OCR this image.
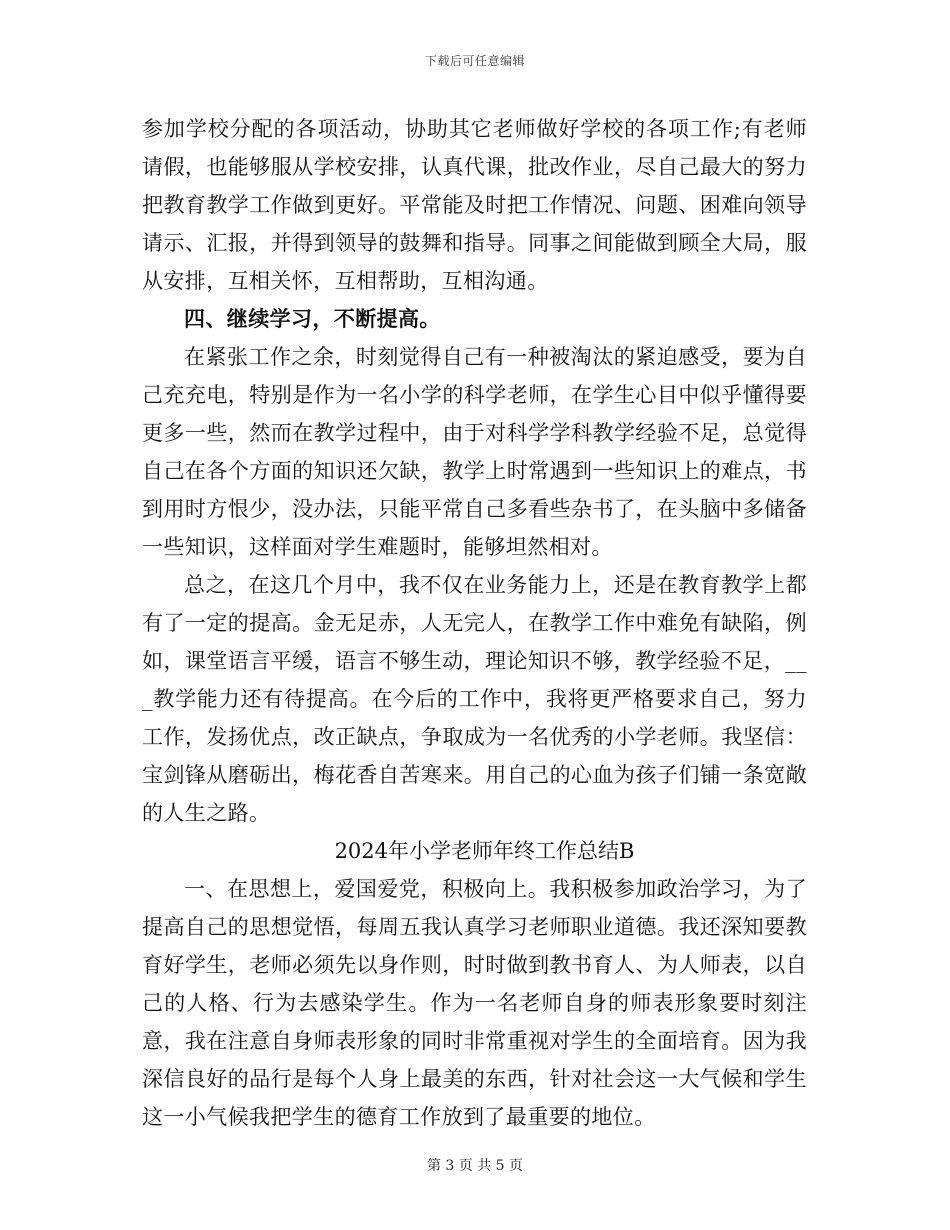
下载后可任意编辑

参加学校分配的各项活动，协助其它老师做好学校的各项工作;有老师请假，也能够服从学校安排，认真代课，批改作业，尽自己最大的努力把教育教学工作做到更好。平常能及时把工作情况、问题、困难向领导请示、汇报，并得到领导的鼓舞和指导。同事之间能做到顾全大局，服从安排，互相关怀，互相帮助，互相沟通。

四、继续学习，不断提高。

在紧张工作之余，时刻觉得自己有一种被淘汰的紧迫感受，要为自己充充电，特别是作为一名小学的科学老师，在学生心目中似乎懂得要更多一些，然而在教学过程中，由于对科学学科教学经验不足，总觉得自己在各个方面的知识还欠缺，教学上时常遇到一些知识上的难点，书到用时方恨少，没办法，只能平常自己多看些杂书了，在头脑中多储备一些知识，这样面对学生难题时，能够坦然相对。

总之，在这几个月中，我不仅在业务能力上，还是在教育教学上都有了一定的提高。金无足赤，人无完人，在教学工作中难免有缺陷，例如，课堂语言平缓，语言不够生动，理论知识不够，教学经验不足，___教学能力还有待提高。在今后的工作中，我将更严格要求自己，努力工作，发扬优点，改正缺点，争取成为一名优秀的小学老师。我坚信：宝剑锋从磨砺出，梅花香自苦寒来。用自己的心血为孩子们铺一条宽敞的人生之路。

2024年小学老师年终工作总结B

一、在思想上，爱国爱党，积极向上。我积极参加政治学习，为了提高自己的思想觉悟，每周五我认真学习老师职业道德。我还深知要教育好学生，老师必须先以身作则，时时做到教书育人、为人师表，以自己的人格、行为去感染学生。作为一名老师自身的师表形象要时刻注意，我在注意自身师表形象的同时非常重视对学生的全面培育。因为我深信良好的品行是每个人身上最美的东西，针对社会这一大气候和学生这一小气候我把学生的德育工作放到了最重要的地位。

第 3 页 共 5 页
